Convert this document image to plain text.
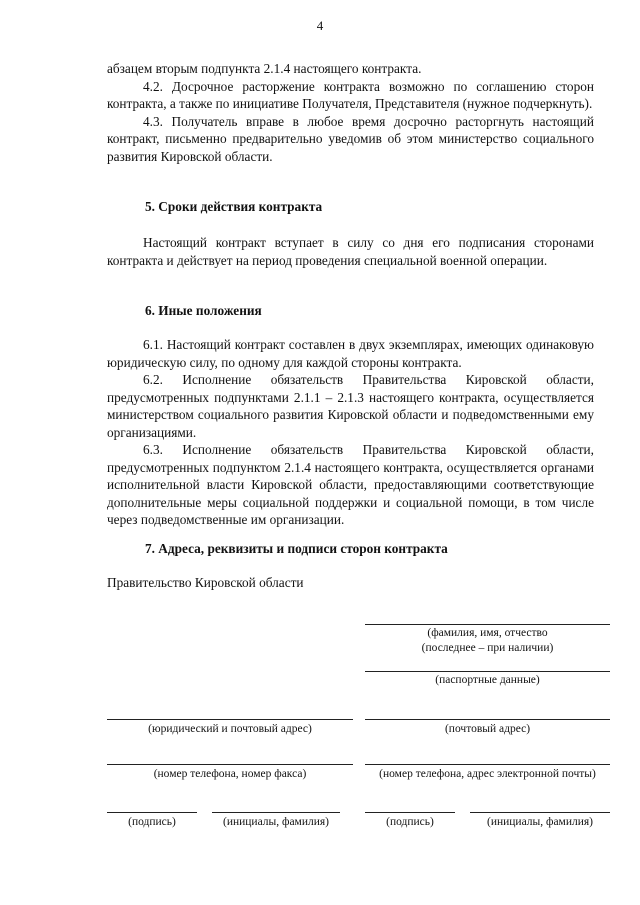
4

абзацем вторым подпункта 2.1.4 настоящего контракта.

4.2. Досрочное расторжение контракта возможно по соглашению сторон контракта, а также по инициативе Получателя, Представителя (нужное подчеркнуть).

4.3. Получатель вправе в любое время досрочно расторгнуть настоящий контракт, письменно предварительно уведомив об этом министерство социального развития Кировской области.

5. Сроки действия контракта

Настоящий контракт вступает в силу со дня его подписания сторонами контракта и действует на период проведения специальной военной операции.

6. Иные положения

6.1. Настоящий контракт составлен в двух экземплярах, имеющих одинаковую юридическую силу, по одному для каждой стороны контракта.

6.2. Исполнение обязательств Правительства Кировской области, предусмотренных подпунктами 2.1.1 – 2.1.3 настоящего контракта, осуществляется министерством социального развития Кировской области и подведомственными ему организациями.

6.3. Исполнение обязательств Правительства Кировской области, предусмотренных подпунктом 2.1.4 настоящего контракта, осуществляется органами исполнительной власти Кировской области, предоставляющими соответствующие дополнительные меры социальной поддержки и социальной помощи, в том числе через подведомственные им организации.

7. Адреса, реквизиты и подписи сторон контракта
Правительство Кировской области
(фамилия, имя, отчество
(последнее – при наличии)
(паспортные данные)
(юридический и почтовый адрес)	(почтовый адрес)
(номер телефона, номер факса)	(номер телефона, адрес электронной почты)
(подпись)	(инициалы, фамилия)	(подпись)	(инициалы, фамилия)
